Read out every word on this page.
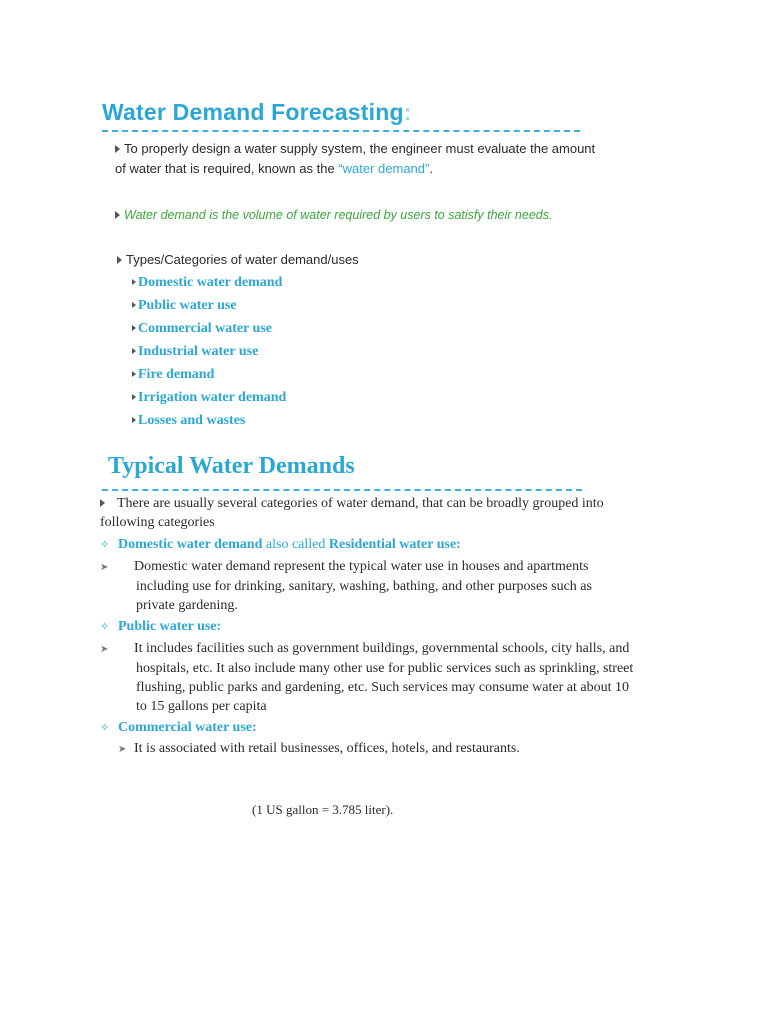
Water Demand Forecasting:
To properly design a water supply system, the engineer must evaluate the amount of water that is required, known as the “water demand”.
Water demand is the volume of water required by users to satisfy their needs.
Types/Categories of water demand/uses
Domestic water demand
Public water use
Commercial water use
Industrial water use
Fire demand
Irrigation water demand
Losses and wastes
Typical Water Demands
There are usually several categories of water demand, that can be broadly grouped into following categories
✧ Domestic water demand also called Residential water use:
➤ Domestic water demand represent the typical water use in houses and apartments including use for drinking, sanitary, washing, bathing, and other purposes such as private gardening.
✧ Public water use:
➤ It includes facilities such as government buildings, governmental schools, city halls, and hospitals, etc. It also include many other use for public services such as sprinkling, street flushing, public parks and gardening, etc. Such services may consume water at about 10 to 15 gallons per capita
✧ Commercial water use:
➤ It is associated with retail businesses, offices, hotels, and restaurants.
(1 US gallon = 3.785 liter).
